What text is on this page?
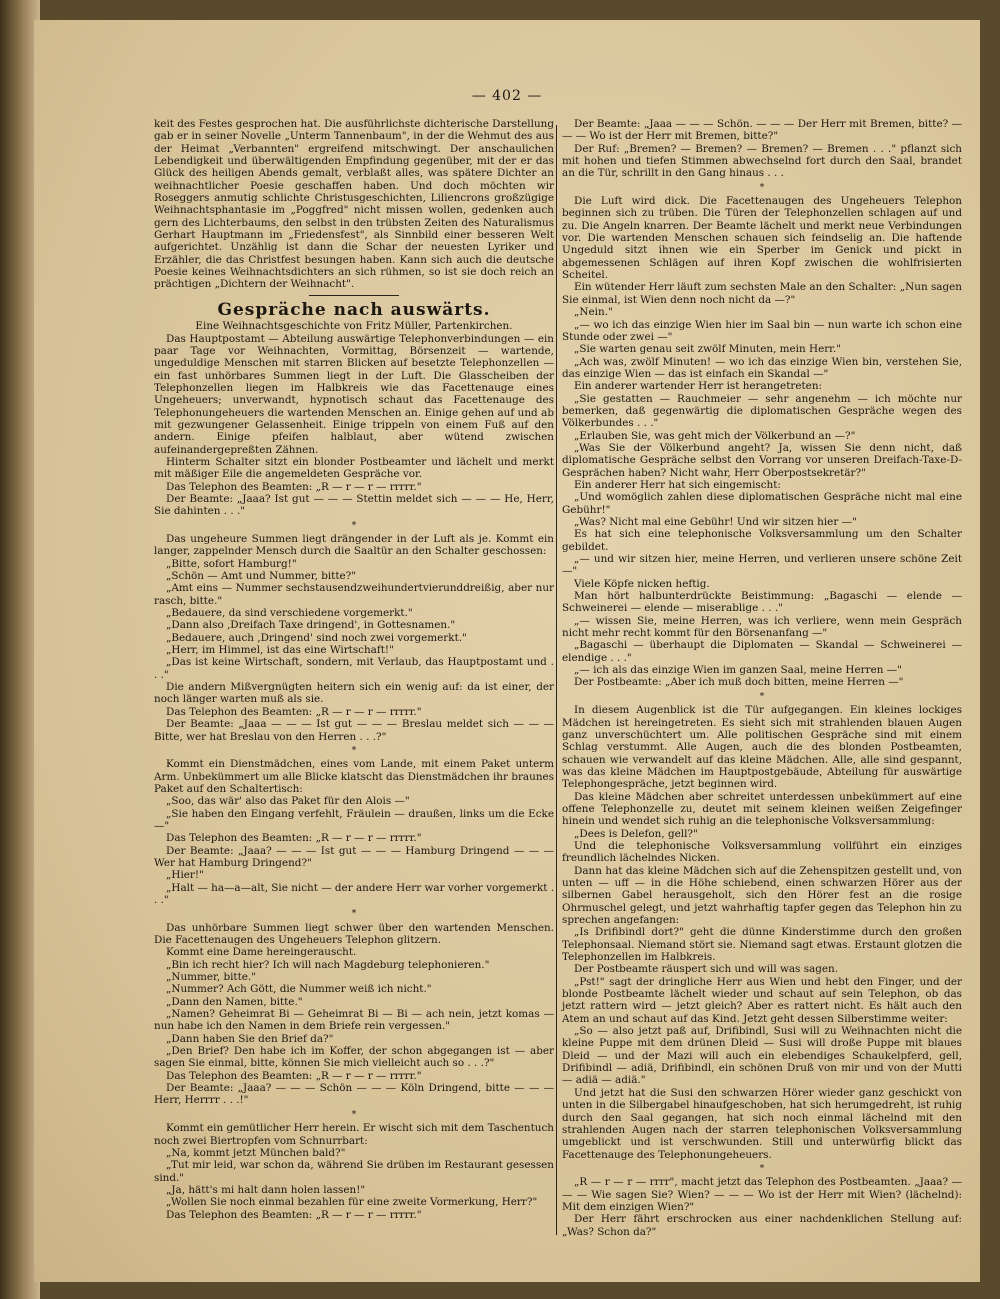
— 402 —

keit des Festes gesprochen hat. Die ausführlichste dichterische Darstellung gab er in seiner Novelle „Unterm Tannenbaum", in der die Wehmut des aus der Heimat „Verbannten" ergreifend mitschwingt. Der anschaulichen Lebendigkeit und überwältigenden Empfindung gegenüber, mit der er das Glück des heiligen Abends gemalt, verblaßt alles, was spätere Dichter an weihnachtlicher Poesie geschaffen haben. Und doch möchten wir Roseggers anmutig schlichte Christusgeschichten, Liliencrons großzügige Weihnachtsphantasie im „Poggfred" nicht missen wollen, gedenken auch gern des Lichterbaums, den selbst in den trübsten Zeiten des Naturalismus Gerhart Hauptmann im „Friedensfest", als Sinnbild einer besseren Welt aufgerichtet. Unzählig ist dann die Schar der neuesten Lyriker und Erzähler, die das Christfest besungen haben. Kann sich auch die deutsche Poesie keines Weihnachtsdichters an sich rühmen, so ist sie doch reich an prächtigen „Dichtern der Weihnacht".

Gespräche nach auswärts.

Eine Weihnachtsgeschichte von Fritz Müller, Partenkirchen.

Das Hauptpostamt — Abteilung auswärtige Telephonverbindungen — ein paar Tage vor Weihnachten, Vormittag, Börsenzeit — wartende, ungeduldige Menschen mit starren Blicken auf besetzte Telephonzellen — ein fast unhörbares Summen liegt in der Luft. Die Glasscheiben der Telephonzellen liegen im Halbkreis wie das Facettenauge eines Ungeheuers; unverwandt, hypnotisch schaut das Facettenauge des Telephonungeheuers die wartenden Menschen an. Einige gehen auf und ab mit gezwungener Gelassenheit. Einige trippeln von einem Fuß auf den andern. Einige pfeifen halblaut, aber wütend zwischen aufeinandergepreßten Zähnen.

Hinterm Schalter sitzt ein blonder Postbeamter und lächelt und merkt mit mäßiger Eile die angemeldeten Gespräche vor.

Das Telephon des Beamten: „R — r — r — rrrrr."

Der Beamte: „Jaaa? Ist gut — — — Stettin meldet sich — — — He, Herr, Sie dahinten . . ."

*

Das ungeheure Summen liegt drängender in der Luft als je. Kommt ein langer, zappelnder Mensch durch die Saaltür an den Schalter geschossen:

„Bitte, sofort Hamburg!"

„Schön — Amt und Nummer, bitte?"

„Amt eins — Nummer sechstausendzweihundertvierunddreißig, aber nur rasch, bitte."

„Bedauere, da sind verschiedene vorgemerkt."

„Dann also ‚Dreifach Taxe dringend', in Gottesnamen."

„Bedauere, auch ‚Dringend' sind noch zwei vorgemerkt."

„Herr, im Himmel, ist das eine Wirtschaft!"

„Das ist keine Wirtschaft, sondern, mit Verlaub, das Hauptpostamt und . . ."

Die andern Mißvergnügten heitern sich ein wenig auf: da ist einer, der noch länger warten muß als sie.

Das Telephon des Beamten: „R — r — r — rrrrr."

Der Beamte: „Jaaa — — — Ist gut — — — Breslau meldet sich — — — Bitte, wer hat Breslau von den Herren . . .?"

*

Kommt ein Dienstmädchen, eines vom Lande, mit einem Paket unterm Arm. Unbekümmert um alle Blicke klatscht das Dienstmädchen ihr braunes Paket auf den Schaltertisch:

„Soo, das wär' also das Paket für den Alois —"

„Sie haben den Eingang verfehlt, Fräulein — draußen, links um die Ecke —"

Das Telephon des Beamten: „R — r — r — rrrrr."

Der Beamte: „Jaaa? — — — Ist gut — — — Hamburg Dringend — — — Wer hat Hamburg Dringend?"

„Hier!"

„Halt — ha—a—alt, Sie nicht — der andere Herr war vorher vorgemerkt . . ."

*

Das unhörbare Summen liegt schwer über den wartenden Menschen. Die Facettenaugen des Ungeheuers Telephon glitzern.

Kommt eine Dame hereingerauscht.

„Bin ich recht hier? Ich will nach Magdeburg telephonieren."

„Nummer, bitte."

„Nummer? Ach Gött, die Nummer weiß ich nicht."

„Dann den Namen, bitte."

„Namen? Geheimrat Bi — Geheimrat Bi — Bi — ach nein, jetzt komas — nun habe ich den Namen in dem Briefe rein vergessen."

„Dann haben Sie den Brief da?"

„Den Brief? Den habe ich im Koffer, der schon abgegangen ist — aber sagen Sie einmal, bitte, können Sie mich vielleicht auch so . . .?"

Das Telephon des Beamten: „R — r — r — rrrrr."

Der Beamte: „Jaaa? — — — Schön — — — Köln Dringend, bitte — — — Herr, Herrrr . . .!"

*

Kommt ein gemütlicher Herr herein. Er wischt sich mit dem Taschentuch noch zwei Biertropfen vom Schnurrbart:

„Na, kommt jetzt München bald?"

„Tut mir leid, war schon da, während Sie drüben im Restaurant gesessen sind."

„Ja, hätt's mi halt dann holen lassen!"

„Wollen Sie noch einmal bezahlen für eine zweite Vormerkung, Herr?"

Das Telephon des Beamten: „R — r — r — rrrrr."

Der Beamte: „Jaaa — — — Schön. — — — Der Herr mit Bremen, bitte? — — — Wo ist der Herr mit Bremen, bitte?"

Der Ruf: „Bremen? — Bremen? — Bremen? — Bremen . . ." pflanzt sich mit hohen und tiefen Stimmen abwechselnd fort durch den Saal, brandet an die Tür, schrillt in den Gang hinaus . . .

*

Die Luft wird dick. Die Facettenaugen des Ungeheuers Telephon beginnen sich zu trüben. Die Türen der Telephonzellen schlagen auf und zu. Die Angeln knarren. Der Beamte lächelt und merkt neue Verbindungen vor. Die wartenden Menschen schauen sich feindselig an. Die haftende Ungeduld sitzt ihnen wie ein Sperber im Genick und pickt in abgemessenen Schlägen auf ihren Kopf zwischen die wohlfrisierten Scheitel.

Ein wütender Herr läuft zum sechsten Male an den Schalter: „Nun sagen Sie einmal, ist Wien denn noch nicht da —?"

„Nein."

„— wo ich das einzige Wien hier im Saal bin — nun warte ich schon eine Stunde oder zwei —"

„Sie warten genau seit zwölf Minuten, mein Herr."

„Ach was, zwölf Minuten! — wo ich das einzige Wien bin, verstehen Sie, das einzige Wien — das ist einfach ein Skandal —"

Ein anderer wartender Herr ist herangetreten:

„Sie gestatten — Rauchmeier — sehr angenehm — ich möchte nur bemerken, daß gegenwärtig die diplomatischen Gespräche wegen des Völkerbundes . . ."

„Erlauben Sie, was geht mich der Völkerbund an —?"

„Was Sie der Völkerbund angeht? Ja, wissen Sie denn nicht, daß diplomatische Gespräche selbst den Vorrang vor unseren Dreifach-Taxe-D-Gesprächen haben? Nicht wahr, Herr Oberpostsekretär?"

Ein anderer Herr hat sich eingemischt:

„Und womöglich zahlen diese diplomatischen Gespräche nicht mal eine Gebühr!"

„Was? Nicht mal eine Gebühr! Und wir sitzen hier —"

Es hat sich eine telephonische Volksversammlung um den Schalter gebildet.

„— und wir sitzen hier, meine Herren, und verlieren unsere schöne Zeit —"

Viele Köpfe nicken heftig.

Man hört halbunterdrückte Beistimmung: „Bagaschi — elende — Schweinerei — elende — miserablige . . ."

„— wissen Sie, meine Herren, was ich verliere, wenn mein Gespräch nicht mehr recht kommt für den Börsenanfang —"

„Bagaschi — überhaupt die Diplomaten — Skandal — Schweinerei — elendige . . ."

„— ich als das einzige Wien im ganzen Saal, meine Herren —"

Der Postbeamte: „Aber ich muß doch bitten, meine Herren —"

*

In diesem Augenblick ist die Tür aufgegangen. Ein kleines lockiges Mädchen ist hereingetreten. Es sieht sich mit strahlenden blauen Augen ganz unverschüchtert um. Alle politischen Gespräche sind mit einem Schlag verstummt. Alle Augen, auch die des blonden Postbeamten, schauen wie verwandelt auf das kleine Mädchen. Alle, alle sind gespannt, was das kleine Mädchen im Hauptpostgebäude, Abteilung für auswärtige Telephongespräche, jetzt beginnen wird.

Das kleine Mädchen aber schreitet unterdessen unbekümmert auf eine offene Telephonzelle zu, deutet mit seinem kleinen weißen Zeigefinger hinein und wendet sich ruhig an die telephonische Volksversammlung:

„Dees is Delefon, gell?"

Und die telephonische Volksversammlung vollführt ein einziges freundlich lächelndes Nicken.

Dann hat das kleine Mädchen sich auf die Zehenspitzen gestellt und, von unten — uff — in die Höhe schiebend, einen schwarzen Hörer aus der silbernen Gabel herausgeholt, sich den Hörer fest an die rosige Ohrmuschel gelegt, und jetzt wahrhaftig tapfer gegen das Telephon hin zu sprechen angefangen:

„Is Drifibindl dort?" geht die dünne Kinderstimme durch den großen Telephonsaal. Niemand stört sie. Niemand sagt etwas. Erstaunt glotzen die Telephonzellen im Halbkreis.

Der Postbeamte räuspert sich und will was sagen.

„Pst!" sagt der dringliche Herr aus Wien und hebt den Finger, und der blonde Postbeamte lächelt wieder und schaut auf sein Telephon, ob das jetzt rattern wird — jetzt gleich? Aber es rattert nicht. Es hält auch den Atem an und schaut auf das Kind. Jetzt geht dessen Silberstimme weiter:

„So — also jetzt paß auf, Drifibindl, Susi will zu Weihnachten nicht die kleine Puppe mit dem drünen Dleid — Susi will droße Puppe mit blaues Dleid — und der Mazi will auch ein elebendiges Schaukelpferd, gell, Drifibindl — adiä, Drifibindl, ein schönen Druß von mir und von der Mutti — adiä — adiä."

Und jetzt hat die Susi den schwarzen Hörer wieder ganz geschickt von unten in die Silbergabel hinaufgeschoben, hat sich herumgedreht, ist ruhig durch den Saal gegangen, hat sich noch einmal lächelnd mit den strahlenden Augen nach der starren telephonischen Volksversammlung umgeblickt und ist verschwunden. Still und unterwürfig blickt das Facettenauge des Telephonungeheuers.

*

„R — r — r — rrrr", macht jetzt das Telephon des Postbeamten. „Jaaa? — — — Wie sagen Sie? Wien? — — — Wo ist der Herr mit Wien? (lächelnd): Mit dem einzigen Wien?"

Der Herr fährt erschrocken aus einer nachdenklichen Stellung auf: „Was? Schon da?"
